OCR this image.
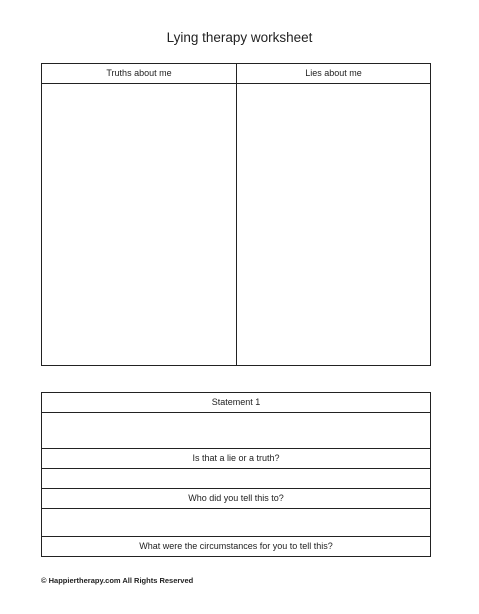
Lying therapy worksheet
Truths about me	Lies about me
Statement 1
Is that a lie or a truth?
Who did you tell this to?
What were the circumstances for you to tell this?
© Happiertherapy.com All Rights Reserved
